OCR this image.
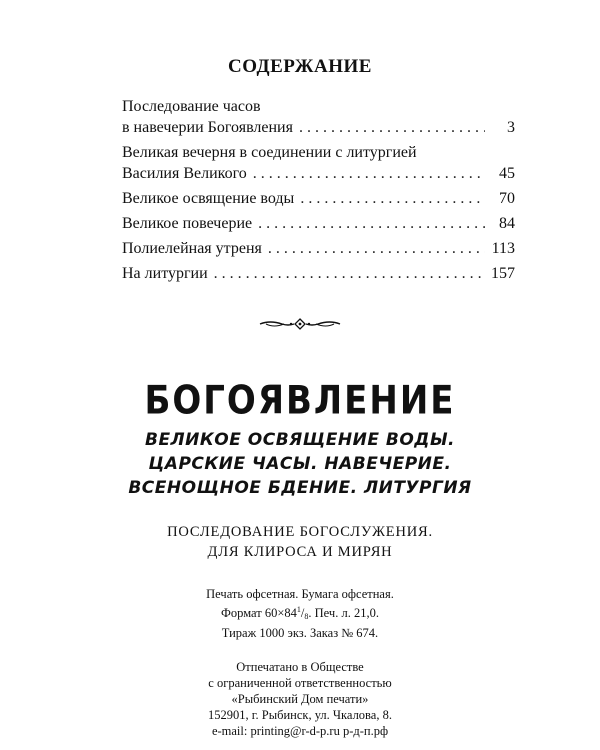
СОДЕРЖАНИЕ
Последование часов
в навечерии Богоявления . . .	3
Великая вечерня в соединении с литургией
Василия Великого . . .	45
Великое освящение воды . . .	70
Великое повечерие . . .	84
Полиелейная утреня . . .	113
На литургии . . .	157
БОГОЯВЛЕНИЕ
ВЕЛИКОЕ ОСВЯЩЕНИЕ ВОДЫ.
ЦАРСКИЕ ЧАСЫ. НАВЕЧЕРИЕ.
ВСЕНОЩНОЕ БДЕНИЕ. ЛИТУРГИЯ
ПОСЛЕДОВАНИЕ БОГОСЛУЖЕНИЯ.
ДЛЯ КЛИРОСА И МИРЯН
Печать офсетная. Бумага офсетная.
Формат $60\times 84^1/_8$. Печ. л. 21,0.
Тираж 1000 экз. Заказ № 674.
Отпечатано в Обществе
с ограниченной ответственностью
«Рыбинский Дом печати»
152901, г. Рыбинск, ул. Чкалова, 8.
e-mail: printing@r-d-p.ru р-д-п.рф
